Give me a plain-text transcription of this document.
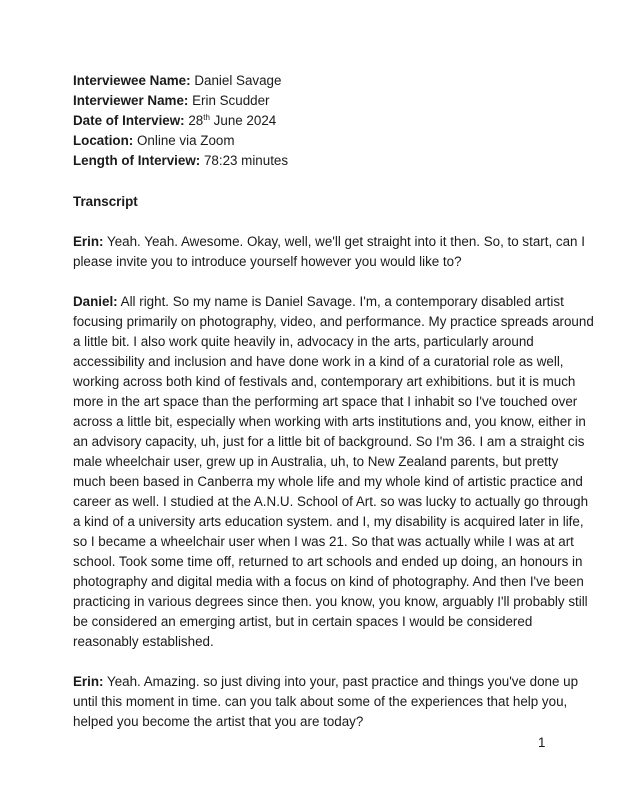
Interviewee Name: Daniel Savage
Interviewer Name: Erin Scudder
Date of Interview: 28th June 2024
Location: Online via Zoom
Length of Interview: 78:23 minutes
Transcript
Erin: Yeah. Yeah. Awesome. Okay, well, we'll get straight into it then. So, to start, can I
please invite you to introduce yourself however you would like to?
Daniel: All right. So my name is Daniel Savage. I'm, a contemporary disabled artist
focusing primarily on photography, video, and performance. My practice spreads around
a little bit. I also work quite heavily in, advocacy in the arts, particularly around
accessibility and inclusion and have done work in a kind of a curatorial role as well,
working across both kind of festivals and, contemporary art exhibitions. but it is much
more in the art space than the performing art space that I inhabit so I've touched over
across a little bit, especially when working with arts institutions and, you know, either in
an advisory capacity, uh, just for a little bit of background. So I'm 36. I am a straight cis
male wheelchair user, grew up in Australia, uh, to New Zealand parents, but pretty
much been based in Canberra my whole life and my whole kind of artistic practice and
career as well. I studied at the A.N.U. School of Art. so was lucky to actually go through
a kind of a university arts education system. and I, my disability is acquired later in life,
so I became a wheelchair user when I was 21. So that was actually while I was at art
school. Took some time off, returned to art schools and ended up doing, an honours in
photography and digital media with a focus on kind of photography. And then I've been
practicing in various degrees since then. you know, you know, arguably I'll probably still
be considered an emerging artist, but in certain spaces I would be considered
reasonably established.
Erin: Yeah. Amazing. so just diving into your, past practice and things you've done up
until this moment in time. can you talk about some of the experiences that help you,
helped you become the artist that you are today?
1
